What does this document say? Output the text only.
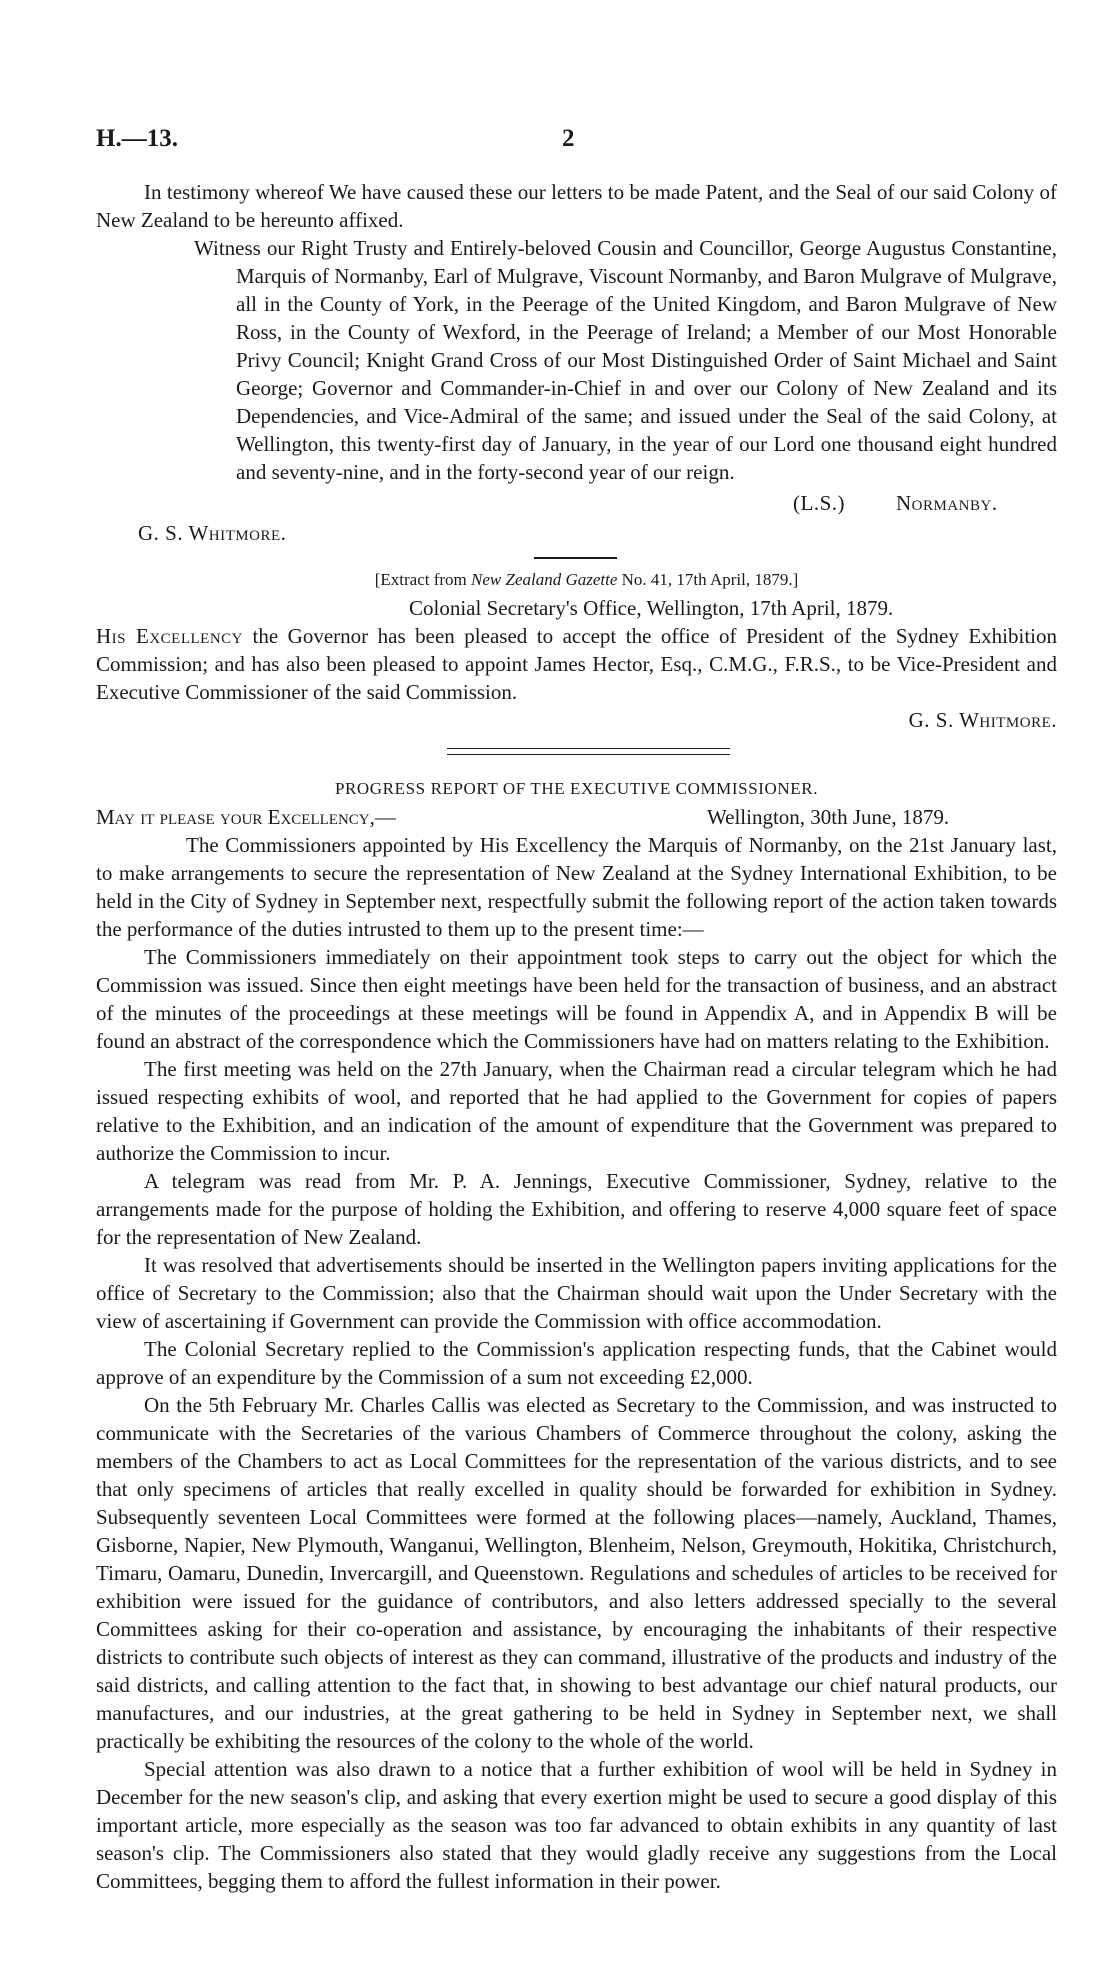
H.—13.	2

In testimony whereof We have caused these our letters to be made Patent, and the Seal of our said Colony of New Zealand to be hereunto affixed.

Witness our Right Trusty and Entirely-beloved Cousin and Councillor, George Augustus Constantine, Marquis of Normanby, Earl of Mulgrave, Viscount Normanby, and Baron Mulgrave of Mulgrave, all in the County of York, in the Peerage of the United Kingdom, and Baron Mulgrave of New Ross, in the County of Wexford, in the Peerage of Ireland; a Member of our Most Honorable Privy Council; Knight Grand Cross of our Most Distinguished Order of Saint Michael and Saint George; Governor and Commander-in-Chief in and over our Colony of New Zealand and its Dependencies, and Vice-Admiral of the same; and issued under the Seal of the said Colony, at Wellington, this twenty-first day of January, in the year of our Lord one thousand eight hundred and seventy-nine, and in the forty-second year of our reign.

(L.S.) Normanby.
G. S. Whitmore.
[Extract from New Zealand Gazette No. 41, 17th April, 1879.]
Colonial Secretary's Office, Wellington, 17th April, 1879.

His Excellency the Governor has been pleased to accept the office of President of the Sydney Exhibition Commission; and has also been pleased to appoint James Hector, Esq., C.M.G., F.R.S., to be Vice-President and Executive Commissioner of the said Commission.

G. S. Whitmore.
PROGRESS REPORT OF THE EXECUTIVE COMMISSIONER.
May it please your Excellency,—	Wellington, 30th June, 1879.

The Commissioners appointed by His Excellency the Marquis of Normanby, on the 21st January last, to make arrangements to secure the representation of New Zealand at the Sydney International Exhibition, to be held in the City of Sydney in September next, respectfully submit the following report of the action taken towards the performance of the duties intrusted to them up to the present time:—

The Commissioners immediately on their appointment took steps to carry out the object for which the Commission was issued. Since then eight meetings have been held for the transaction of business, and an abstract of the minutes of the proceedings at these meetings will be found in Appendix A, and in Appendix B will be found an abstract of the correspondence which the Commissioners have had on matters relating to the Exhibition.

The first meeting was held on the 27th January, when the Chairman read a circular telegram which he had issued respecting exhibits of wool, and reported that he had applied to the Government for copies of papers relative to the Exhibition, and an indication of the amount of expenditure that the Government was prepared to authorize the Commission to incur.

A telegram was read from Mr. P. A. Jennings, Executive Commissioner, Sydney, relative to the arrangements made for the purpose of holding the Exhibition, and offering to reserve 4,000 square feet of space for the representation of New Zealand.

It was resolved that advertisements should be inserted in the Wellington papers inviting applications for the office of Secretary to the Commission; also that the Chairman should wait upon the Under Secretary with the view of ascertaining if Government can provide the Commission with office accommodation.

The Colonial Secretary replied to the Commission's application respecting funds, that the Cabinet would approve of an expenditure by the Commission of a sum not exceeding £2,000.

On the 5th February Mr. Charles Callis was elected as Secretary to the Commission, and was instructed to communicate with the Secretaries of the various Chambers of Commerce throughout the colony, asking the members of the Chambers to act as Local Committees for the representation of the various districts, and to see that only specimens of articles that really excelled in quality should be forwarded for exhibition in Sydney. Subsequently seventeen Local Committees were formed at the following places—namely, Auckland, Thames, Gisborne, Napier, New Plymouth, Wanganui, Wellington, Blenheim, Nelson, Greymouth, Hokitika, Christchurch, Timaru, Oamaru, Dunedin, Invercargill, and Queenstown. Regulations and schedules of articles to be received for exhibition were issued for the guidance of contributors, and also letters addressed specially to the several Committees asking for their co-operation and assistance, by encouraging the inhabitants of their respective districts to contribute such objects of interest as they can command, illustrative of the products and industry of the said districts, and calling attention to the fact that, in showing to best advantage our chief natural products, our manufactures, and our industries, at the great gathering to be held in Sydney in September next, we shall practically be exhibiting the resources of the colony to the whole of the world.

Special attention was also drawn to a notice that a further exhibition of wool will be held in Sydney in December for the new season's clip, and asking that every exertion might be used to secure a good display of this important article, more especially as the season was too far advanced to obtain exhibits in any quantity of last season's clip. The Commissioners also stated that they would gladly receive any suggestions from the Local Committees, begging them to afford the fullest information in their power.
